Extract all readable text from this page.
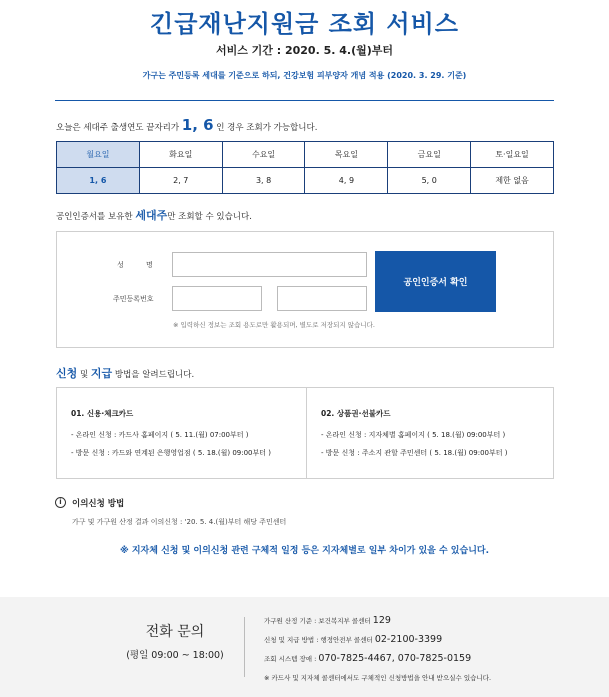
긴급재난지원금 조회 서비스
서비스 기간 : 2020. 5. 4.(월)부터
가구는 주민등록 세대를 기준으로 하되, 건강보험 피부양자 개념 적용 (2020. 3. 29. 기준)
오늘은 세대주 출생연도 끝자리가 1, 6 인 경우 조회가 가능합니다.
월요일	화요일	수요일	목요일	금요일	토·일요일
1, 6	2, 7	3, 8	4, 9	5, 0	제한 없음
공인인증서를 보유한 세대주만 조회할 수 있습니다.
성 명
주민등록번호
공인인증서 확인
※ 입력하신 정보는 조회 용도로만 활용되며, 별도로 저장되지 않습니다.
신청 및 지급 방법을 알려드립니다.
01. 신용·체크카드
- 온라인 신청 : 카드사 홈페이지 ( 5. 11.(월) 07:00부터 )
- 방문 신청 : 카드와 연계된 은행영업점 ( 5. 18.(월) 09:00부터 )
02. 상품권·선불카드
- 온라인 신청 : 지자체별 홈페이지 ( 5. 18.(월) 09:00부터 )
- 방문 신청 : 주소지 관할 주민센터 ( 5. 18.(월) 09:00부터 )
i	이의신청 방법
가구 및 가구원 산정 결과 이의신청 : '20. 5. 4.(월)부터 해당 주민센터
※ 지자체 신청 및 이의신청 관련 구체적 일정 등은 지자체별로 일부 차이가 있을 수 있습니다.
전화 문의
(평일 09:00 ~ 18:00)
가구원 산정 기준 : 보건복지부 콜센터 129
신청 및 지급 방법 : 행정안전부 콜센터 02-2100-3399
조회 시스템 장애 : 070-7825-4467, 070-7825-0159
※ 카드사 및 지자체 콜센터에서도 구체적인 신청방법을 안내 받으실수 있습니다.
